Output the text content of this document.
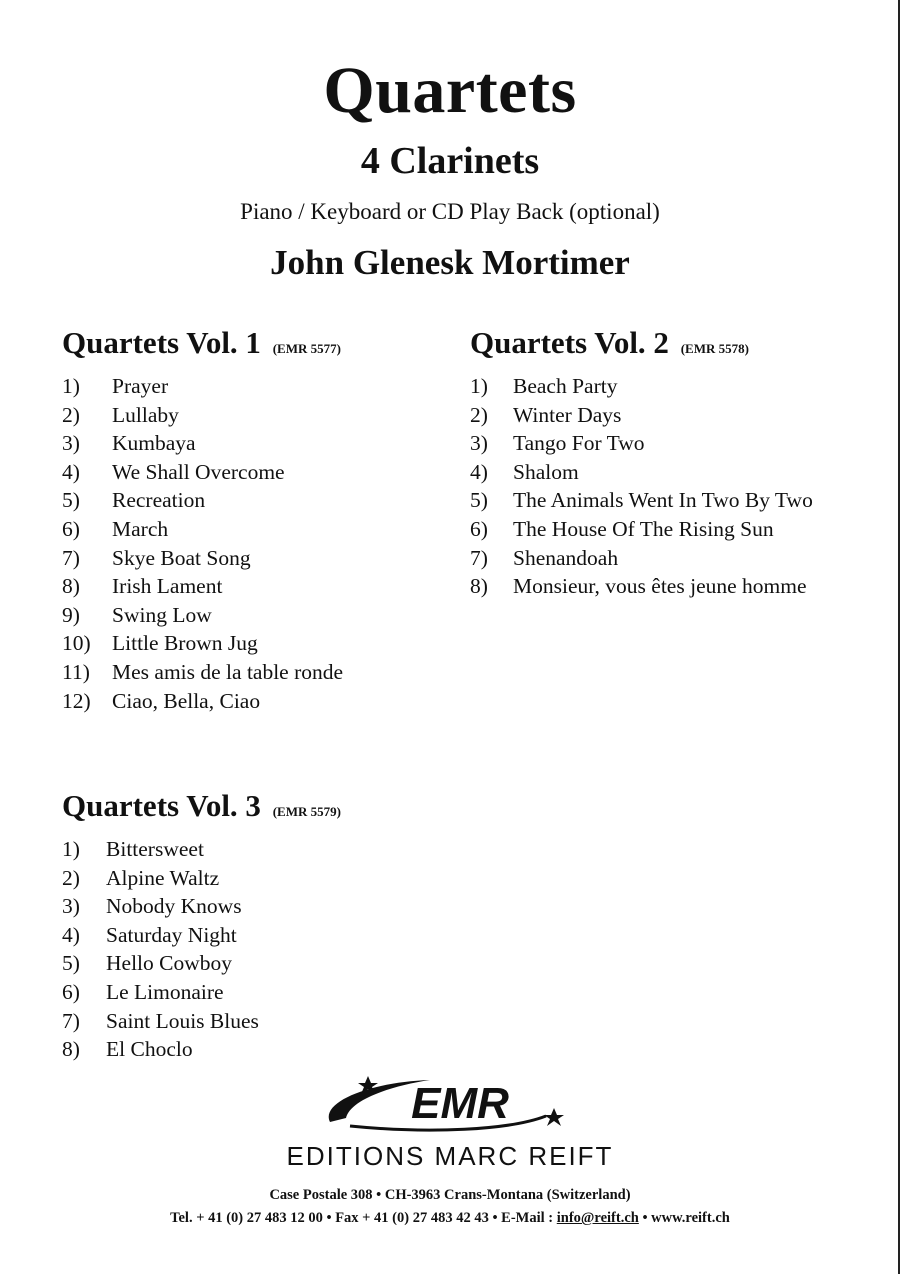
Quartets
4 Clarinets
Piano / Keyboard or CD Play Back (optional)
John Glenesk Mortimer
Quartets Vol. 1 (EMR 5577)
1)	Prayer
2)	Lullaby
3)	Kumbaya
4)	We Shall Overcome
5)	Recreation
6)	March
7)	Skye Boat Song
8)	Irish Lament
9)	Swing Low
10) Little Brown Jug
11)	Mes amis de la table ronde
12) Ciao, Bella, Ciao
Quartets Vol. 2 (EMR 5578)
1)	Beach Party
2)	Winter Days
3)	Tango For Two
4)	Shalom
5)	The Animals Went In Two By Two
6)	The House Of The Rising Sun
7)	Shenandoah
8)	Monsieur, vous êtes jeune homme
Quartets Vol. 3 (EMR 5579)
1)	Bittersweet
2)	Alpine Waltz
3)	Nobody Knows
4)	Saturday Night
5)	Hello Cowboy
6)	Le Limonaire
7)	Saint Louis Blues
8)	El Choclo
EMR
EDITIONS MARC REIFT
Case Postale 308 • CH-3963 Crans-Montana (Switzerland)
Tel. + 41 (0) 27 483 12 00 • Fax + 41 (0) 27 483 42 43 • E-Mail : info@reift.ch • www.reift.ch
